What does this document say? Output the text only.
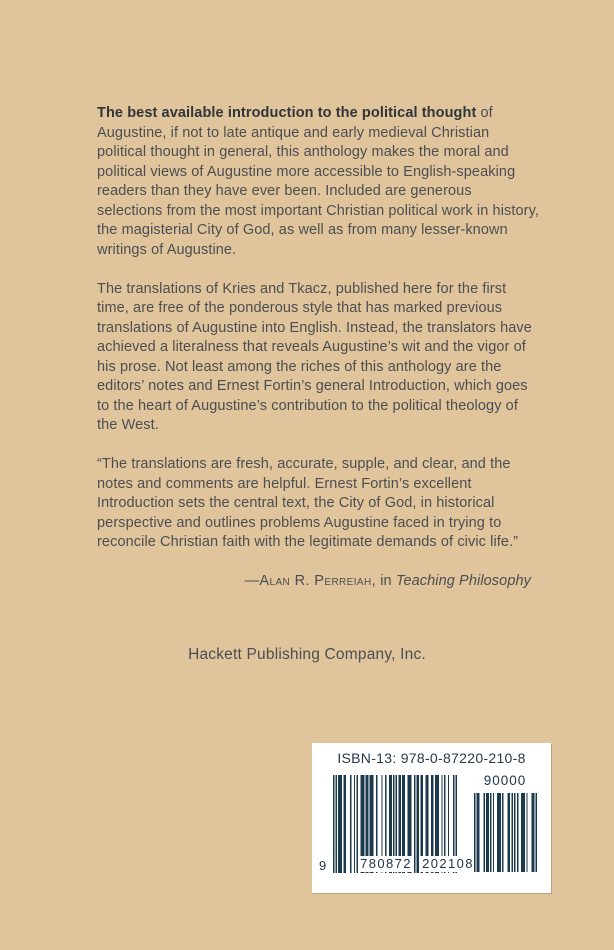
The best available introduction to the political thought of Augustine, if not to late antique and early medieval Christian political thought in general, this anthology makes the moral and political views of Augustine more accessible to English-speaking readers than they have ever been. Included are generous selections from the most important Christian political work in history, the magisterial City of God, as well as from many lesser-known writings of Augustine.

The translations of Kries and Tkacz, published here for the first time, are free of the ponderous style that has marked previous translations of Augustine into English. Instead, the translators have achieved a literalness that reveals Augustine’s wit and the vigor of his prose. Not least among the riches of this anthology are the editors’ notes and Ernest Fortin’s general Introduction, which goes to the heart of Augustine’s contribution to the political theology of the West.

“The translations are fresh, accurate, supple, and clear, and the notes and comments are helpful. Ernest Fortin’s excellent Introduction sets the central text, the City of God, in historical perspective and outlines problems Augustine faced in trying to reconcile Christian faith with the legitimate demands of civic life.”

—Alan R. Perreiah, in Teaching Philosophy

Hackett Publishing Company, Inc.
ISBN-13: 978-0-87220-210-8
9	780872 202108
90000
